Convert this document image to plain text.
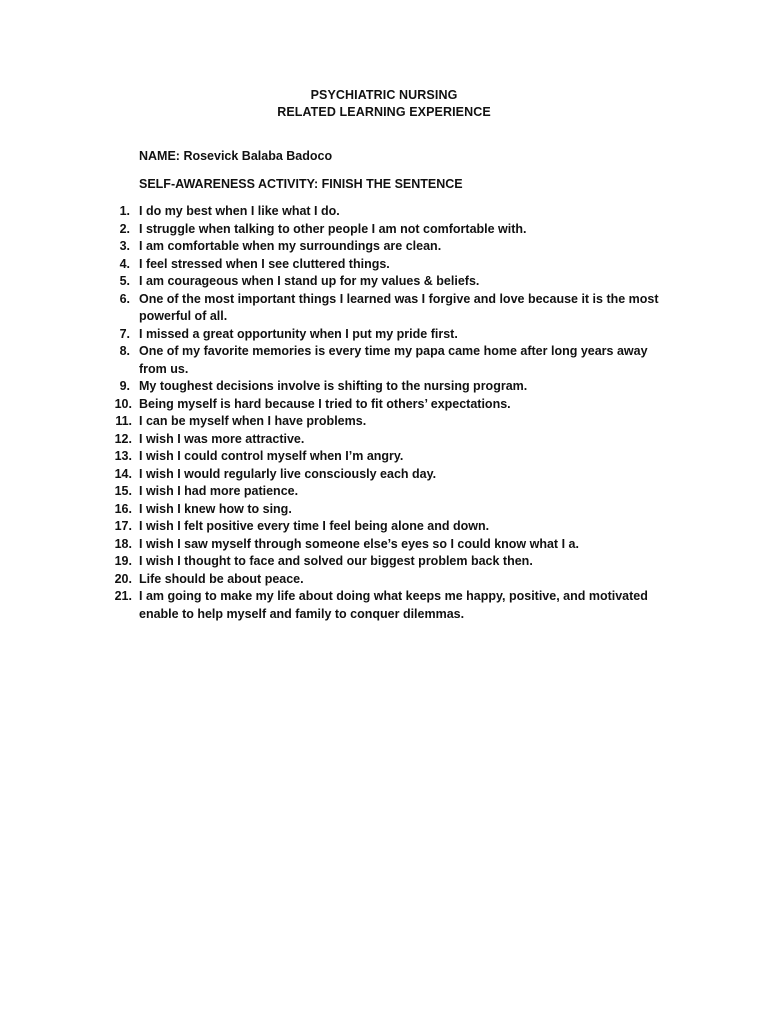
PSYCHIATRIC NURSING
RELATED LEARNING EXPERIENCE
NAME: Rosevick Balaba Badoco
SELF-AWARENESS ACTIVITY: FINISH THE SENTENCE
1. I do my best when I like what I do.
2. I struggle when talking to other people I am not comfortable with.
3. I am comfortable when my surroundings are clean.
4. I feel stressed when I see cluttered things.
5. I am courageous when I stand up for my values & beliefs.
6. One of the most important things I learned was I forgive and love because it is the most powerful of all.
7. I missed a great opportunity when I put my pride first.
8. One of my favorite memories is every time my papa came home after long years away from us.
9. My toughest decisions involve is shifting to the nursing program.
10. Being myself is hard because I tried to fit others’ expectations.
11. I can be myself when I have problems.
12. I wish I was more attractive.
13. I wish I could control myself when I’m angry.
14. I wish I would regularly live consciously each day.
15. I wish I had more patience.
16. I wish I knew how to sing.
17. I wish I felt positive every time I feel being alone and down.
18. I wish I saw myself through someone else’s eyes so I could know what I a.
19. I wish I thought to face and solved our biggest problem back then.
20. Life should be about peace.
21. I am going to make my life about doing what keeps me happy, positive, and motivated enable to help myself and family to conquer dilemmas.
